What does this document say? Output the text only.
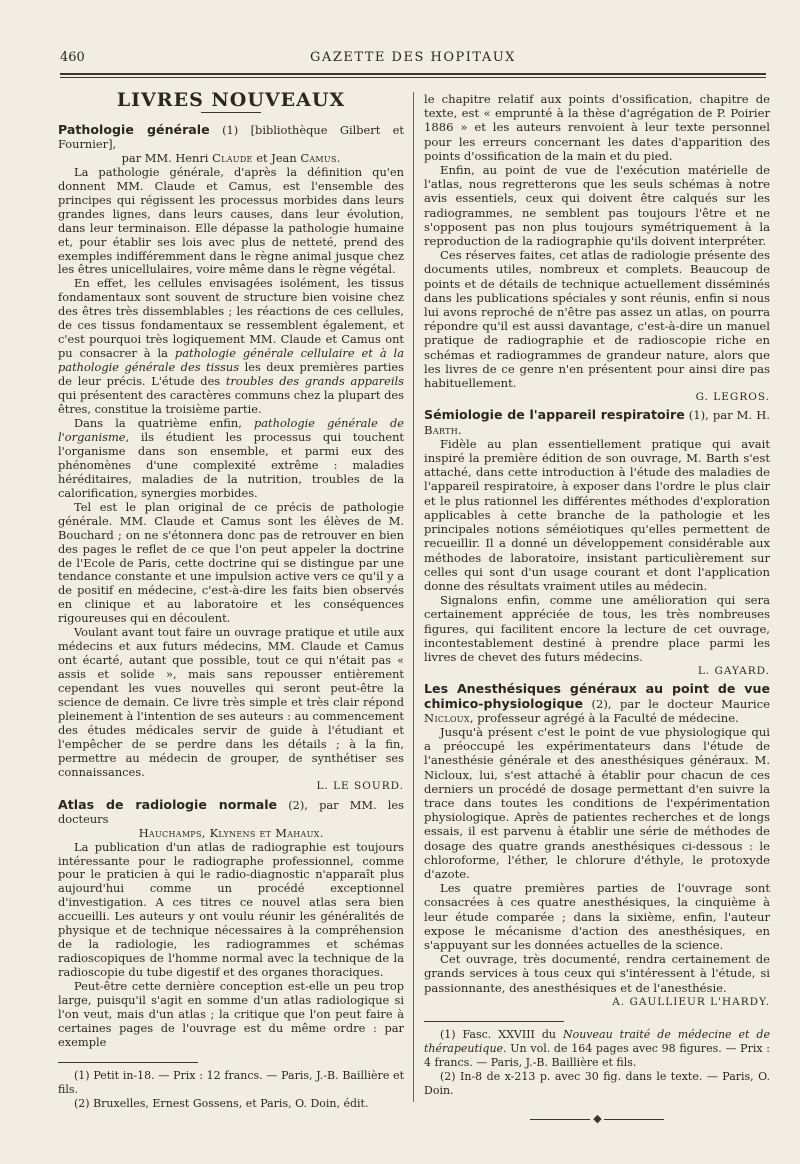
460	GAZETTE DES HOPITAUX
LIVRES NOUVEAUX

Pathologie générale (1) [bibliothèque Gilbert et Fournier],
par MM. Henri Claude et Jean Camus.

La pathologie générale, d'après la définition qu'en donnent MM. Claude et Camus, est l'ensemble des principes qui régissent les processus morbides dans leurs grandes lignes, dans leurs causes, dans leur évolution, dans leur terminaison. Elle dépasse la pathologie humaine et, pour établir ses lois avec plus de netteté, prend des exemples indifféremment dans le règne animal jusque chez les êtres unicellulaires, voire même dans le règne végétal.

En effet, les cellules envisagées isolément, les tissus fondamentaux sont souvent de structure bien voisine chez des êtres très dissemblables ; les réactions de ces cellules, de ces tissus fondamentaux se ressemblent également, et c'est pourquoi très logiquement MM. Claude et Camus ont pu consacrer à la pathologie générale cellulaire et à la pathologie générale des tissus les deux premières parties de leur précis. L'étude des troubles des grands appareils qui présentent des caractères communs chez la plupart des êtres, constitue la troisième partie.

Dans la quatrième enfin, pathologie générale de l'organisme, ils étudient les processus qui touchent l'organisme dans son ensemble, et parmi eux des phénomènes d'une complexité extrême : maladies héréditaires, maladies de la nutrition, troubles de la calorification, synergies morbides.

Tel est le plan original de ce précis de pathologie générale. MM. Claude et Camus sont les élèves de M. Bouchard ; on ne s'étonnera donc pas de retrouver en bien des pages le reflet de ce que l'on peut appeler la doctrine de l'Ecole de Paris, cette doctrine qui se distingue par une tendance constante et une impulsion active vers ce qu'il y a de positif en médecine, c'est-à-dire les faits bien observés en clinique et au laboratoire et les conséquences rigoureuses qui en découlent.

Voulant avant tout faire un ouvrage pratique et utile aux médecins et aux futurs médecins, MM. Claude et Camus ont écarté, autant que possible, tout ce qui n'était pas « assis et solide », mais sans repousser entièrement cependant les vues nouvelles qui seront peut-être la science de demain. Ce livre très simple et très clair répond pleinement à l'intention de ses auteurs : au commencement des études médicales servir de guide à l'étudiant et l'empêcher de se perdre dans les détails ; à la fin, permettre au médecin de grouper, de synthétiser ses connaissances.

L. LE SOURD.

Atlas de radiologie normale (2), par MM. les docteurs
Hauchamps, Klynens et Mahaux.

La publication d'un atlas de radiographie est toujours intéressante pour le radiographe professionnel, comme pour le praticien à qui le radio-diagnostic n'apparaît plus aujourd'hui comme un procédé exceptionnel d'investigation. A ces titres ce nouvel atlas sera bien accueilli. Les auteurs y ont voulu réunir les généralités de physique et de technique nécessaires à la compréhension de la radiologie, les radiogrammes et schémas radioscopiques de l'homme normal avec la technique de la radioscopie du tube digestif et des organes thoraciques.

Peut-être cette dernière conception est-elle un peu trop large, puisqu'il s'agit en somme d'un atlas radiologique si l'on veut, mais d'un atlas ; la critique que l'on peut faire à certaines pages de l'ouvrage est du même ordre : par exemple

(1) Petit in-18. — Prix : 12 francs. — Paris, J.-B. Baillière et fils.

(2) Bruxelles, Ernest Gossens, et Paris, O. Doin, édit.

le chapitre relatif aux points d'ossification, chapitre de texte, est « emprunté à la thèse d'agrégation de P. Poirier 1886 » et les auteurs renvoient à leur texte personnel pour les erreurs concernant les dates d'apparition des points d'ossification de la main et du pied.

Enfin, au point de vue de l'exécution matérielle de l'atlas, nous regretterons que les seuls schémas à notre avis essentiels, ceux qui doivent être calqués sur les radiogrammes, ne semblent pas toujours l'être et ne s'opposent pas non plus toujours symétriquement à la reproduction de la radiographie qu'ils doivent interpréter.

Ces réserves faites, cet atlas de radiologie présente des documents utiles, nombreux et complets. Beaucoup de points et de détails de technique actuellement disséminés dans les publications spéciales y sont réunis, enfin si nous lui avons reproché de n'être pas assez un atlas, on pourra répondre qu'il est aussi davantage, c'est-à-dire un manuel pratique de radiographie et de radioscopie riche en schémas et radiogrammes de grandeur nature, alors que les livres de ce genre n'en présentent pour ainsi dire pas habituellement.

G. LEGROS.

Sémiologie de l'appareil respiratoire (1), par M. H. Barth.

Fidèle au plan essentiellement pratique qui avait inspiré la première édition de son ouvrage, M. Barth s'est attaché, dans cette introduction à l'étude des maladies de l'appareil respiratoire, à exposer dans l'ordre le plus clair et le plus rationnel les différentes méthodes d'exploration applicables à cette branche de la pathologie et les principales notions séméiotiques qu'elles permettent de recueillir. Il a donné un développement considérable aux méthodes de laboratoire, insistant particulièrement sur celles qui sont d'un usage courant et dont l'application donne des résultats vraiment utiles au médecin.

Signalons enfin, comme une amélioration qui sera certainement appréciée de tous, les très nombreuses figures, qui facilitent encore la lecture de cet ouvrage, incontestablement destiné à prendre place parmi les livres de chevet des futurs médecins.

L. GAYARD.

Les Anesthésiques généraux au point de vue chimico-physiologique (2), par le docteur Maurice Nicloux, professeur agrégé à la Faculté de médecine.

Jusqu'à présent c'est le point de vue physiologique qui a préoccupé les expérimentateurs dans l'étude de l'anesthésie générale et des anesthésiques généraux. M. Nicloux, lui, s'est attaché à établir pour chacun de ces derniers un procédé de dosage permettant d'en suivre la trace dans toutes les conditions de l'expérimentation physiologique. Après de patientes recherches et de longs essais, il est parvenu à établir une série de méthodes de dosage des quatre grands anesthésiques ci-dessous : le chloroforme, l'éther, le chlorure d'éthyle, le protoxyde d'azote.

Les quatre premières parties de l'ouvrage sont consacrées à ces quatre anesthésiques, la cinquième à leur étude comparée ; dans la sixième, enfin, l'auteur expose le mécanisme d'action des anesthésiques, en s'appuyant sur les données actuelles de la science.

Cet ouvrage, très documenté, rendra certainement de grands services à tous ceux qui s'intéressent à l'étude, si passionnante, des anesthésiques et de l'anesthésie.

A. GAULLIEUR L'HARDY.

(1) Fasc. XXVIII du Nouveau traité de médecine et de thérapeutique. Un vol. de 164 pages avec 98 figures. — Prix : 4 francs. — Paris, J.-B. Baillière et fils.

(2) In-8 de x-213 p. avec 30 fig. dans le texte. — Paris, O. Doin.

◆
